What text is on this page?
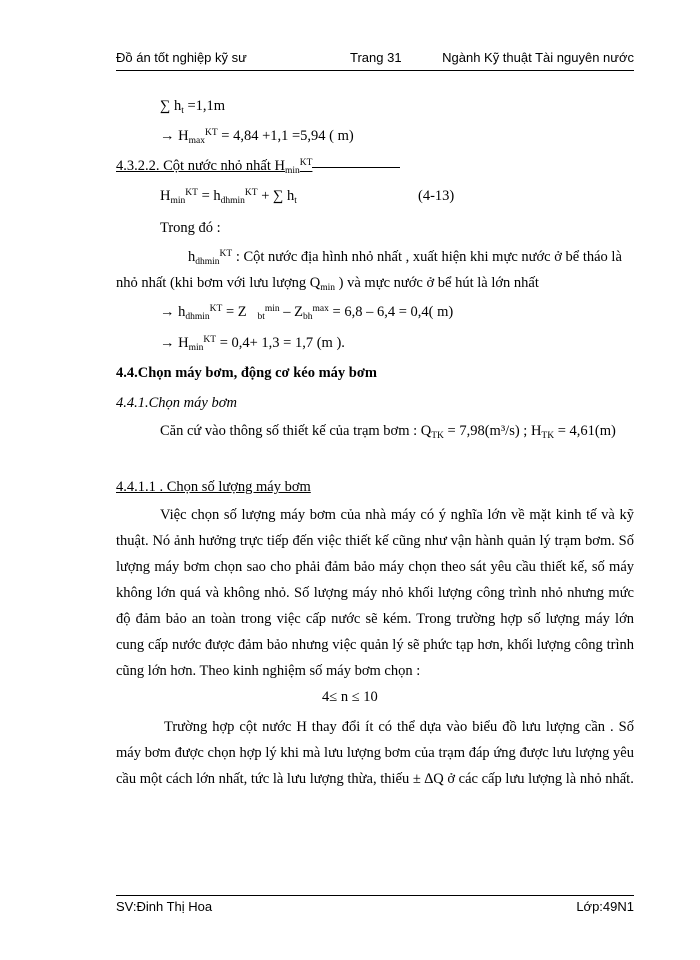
Đồ án tốt nghiệp kỹ sư	Trang 31	Ngành Kỹ thuật Tài nguyên nước
∑ $h_t =1,1m$
→ $H_{max}^{KT} = 4,84 +1,1 =5,94$ ( m)
4.3.2.2. Cột nước nhỏ nhất $H_{min}^{KT}$
$H_{min}^{KT} = h_{dhmin}^{KT}$ + ∑ $h_t$	(4-13)
Trong đó :
$h_{dhmin}^{KT}$ : Cột nước địa hình nhỏ nhất , xuất hiện khi mực nước ở bể tháo là nhỏ nhất (khi bơm với lưu lượng $Q_{min}$ ) và mực nước ở bể hút là lớn nhất
→ $h_{dhmin}^{KT} = Z$ $_{bt}^{min} - Z_{bh}^{max} = 6,8 - 6,4 = 0,4$( m)
→ $H_{min}^{KT} = 0,4+ 1,3 = 1,7$ (m ).
4.4.Chọn máy bơm, động cơ kéo máy bơm
4.4.1.Chọn máy bơm
Căn cứ vào thông số thiết kế của trạm bơm : $Q_{TK} = 7,98(m^3/s)$ ; $H_{TK} = 4,61(m)$
4.4.1.1 . Chọn số lượng máy bơm
Việc chọn số lượng máy bơm của nhà máy có ý nghĩa lớn về mặt kinh tế và kỹ thuật. Nó ảnh hưởng trực tiếp đến việc thiết kế cũng như vận hành quản lý trạm bơm. Số lượng máy bơm chọn sao cho phải đảm bảo máy chọn theo sát yêu cầu thiết kế, số máy không lớn quá và không nhỏ. Số lượng máy nhỏ khối lượng công trình nhỏ nhưng mức độ đảm bảo an toàn trong việc cấp nước sẽ kém. Trong trường hợp số lượng máy lớn cung cấp nước được đảm bảo nhưng việc quản lý sẽ phức tạp hơn, khối lượng công trình cũng lớn hơn. Theo kinh nghiệm số máy bơm chọn :
4≤ n ≤ 10
Trường hợp cột nước H thay đổi ít có thể dựa vào biểu đồ lưu lượng cần . Số máy bơm được chọn hợp lý khi mà lưu lượng bơm của trạm đáp ứng được lưu lượng yêu cầu một cách lớn nhất, tức là lưu lượng thừa, thiếu ± ∆Q ở các cấp lưu lượng là nhỏ nhất.
SV:Đinh Thị Hoa	Lớp:49N1
